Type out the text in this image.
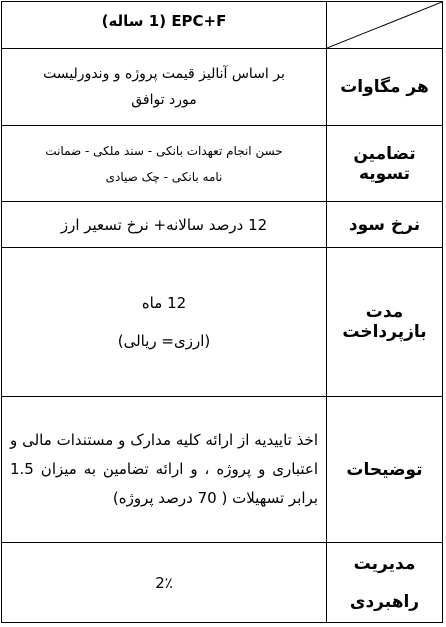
	EPC+F (1 ساله)
هر مگاوات	بر اساس آنالیز قیمت پروژه و وندورلیست
مورد توافق

تضامین تسویه	حسن انجام تعهدات بانکی - سند ملکی - ضمانت
نامه بانکی - چک صیادی

نرخ سود	12 درصد سالانه+ نرخ تسعیر ارز

مدت بازپرداخت	12 ماه
(ارزی= ریالی)

توضیحات	اخذ تاییدیه از ارائه کلیه مدارک و مستندات مالی و اعتباری و پروژه ، و ارائه تضامین به میزان 1.5 برابر تسهیلات ( 70 درصد پروژه)
مدیریت راهبردی	2٪
